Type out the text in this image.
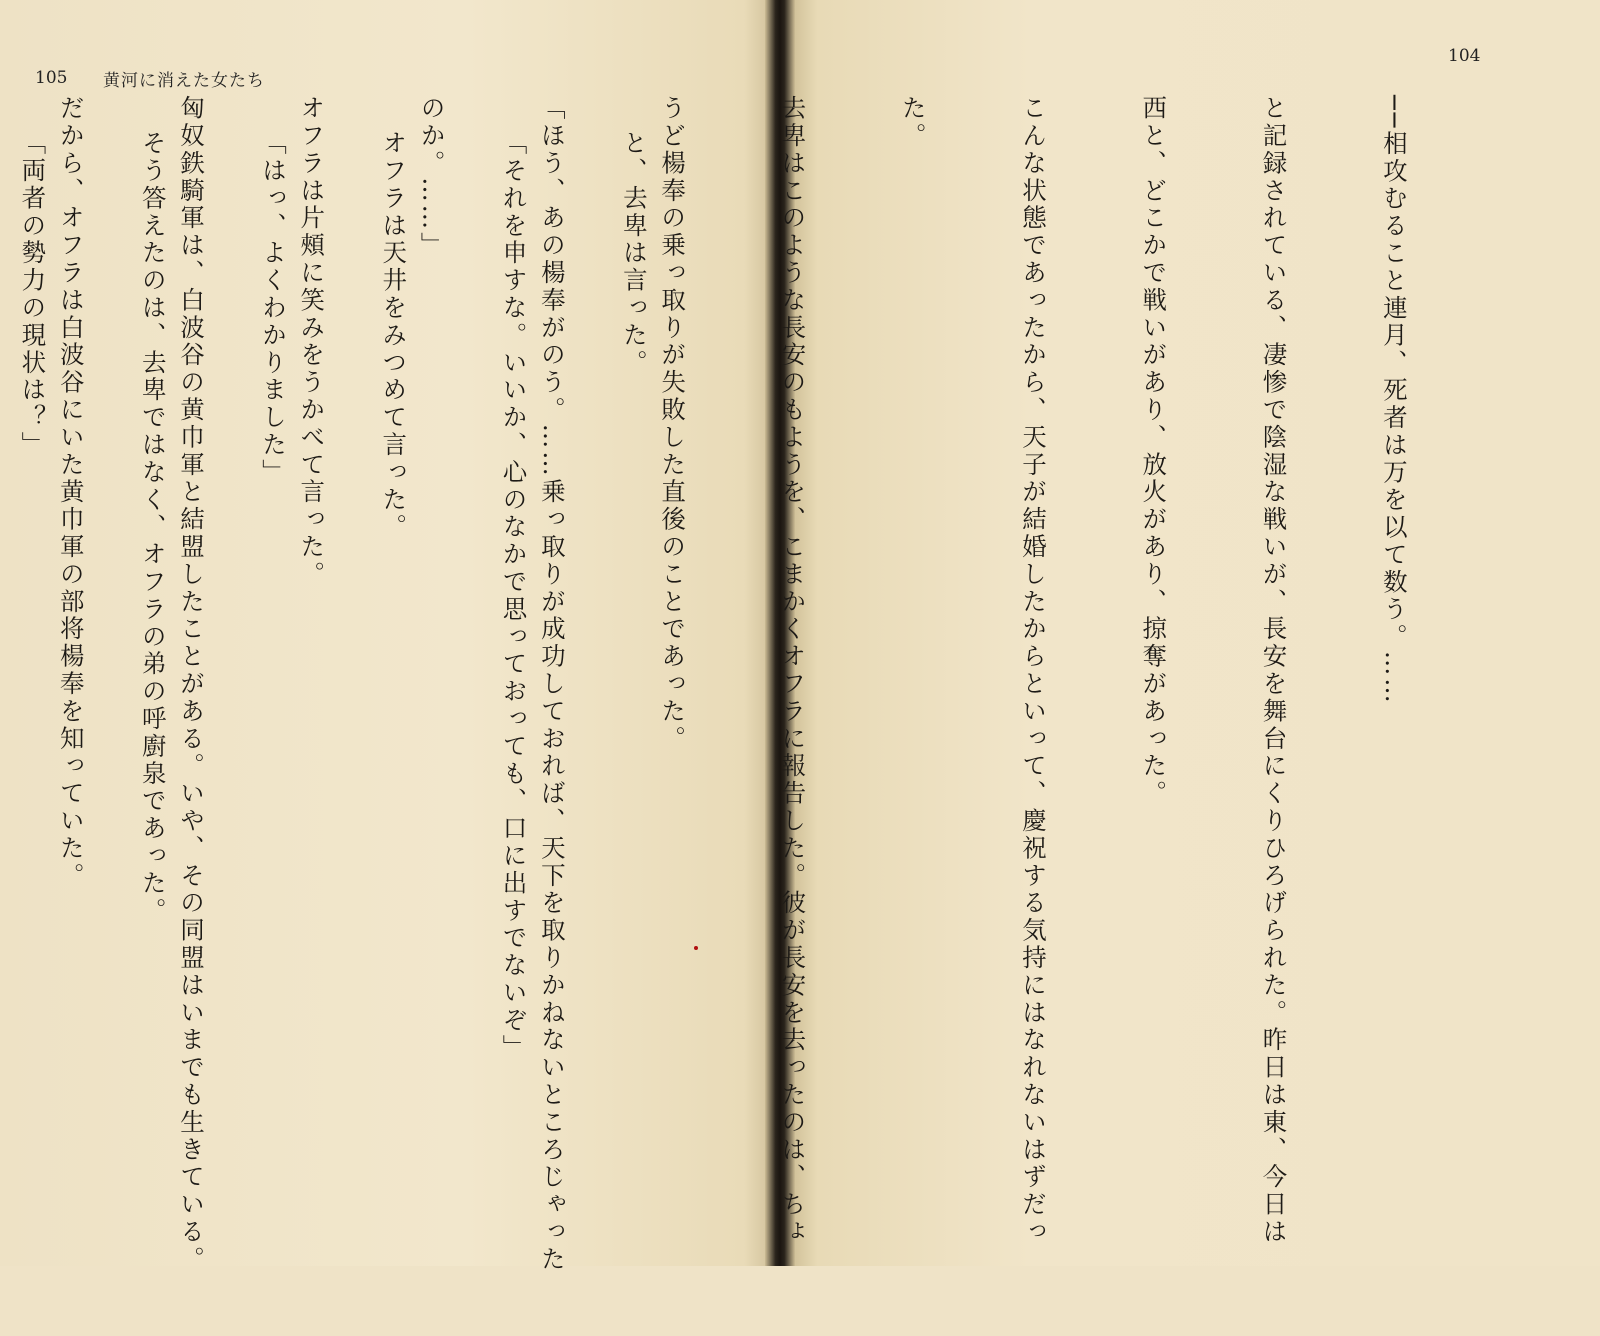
105 黄河に消えた女たち
104

──相攻むること連月、死者は万を以て数う。……

と記録されている、凄惨で陰湿な戦いが、長安を舞台にくりひろげられた。昨日は東、今日は

西と、どこかで戦いがあり、放火があり、掠奪があった。

こんな状態であったから、天子が結婚したからといって、慶祝する気持にはなれないはずだっ

た。

去卑はこのような長安のもようを、こまかくオフラに報告した。彼が長安を去ったのは、ちょ

うど楊奉の乗っ取りが失敗した直後のことであった。

「ほう、あの楊奉がのう。……乗っ取りが成功しておれば、天下を取りかねないところじゃった

のか。……」

オフラは片頰に笑みをうかべて言った。

匈奴鉄騎軍は、白波谷の黄巾軍と結盟したことがある。いや、その同盟はいまでも生きている。

だから、オフラは白波谷にいた黄巾軍の部将楊奉を知っていた。

	と、去卑は言った。

「それを申すな。いいか、心のなかで思っておっても、口に出すでないぞ」

オフラは天井をみつめて言った。

「はっ、よくわかりました」

そう答えたのは、去卑ではなく、オフラの弟の呼廚泉であった。

「両者の勢力の現状は？」
